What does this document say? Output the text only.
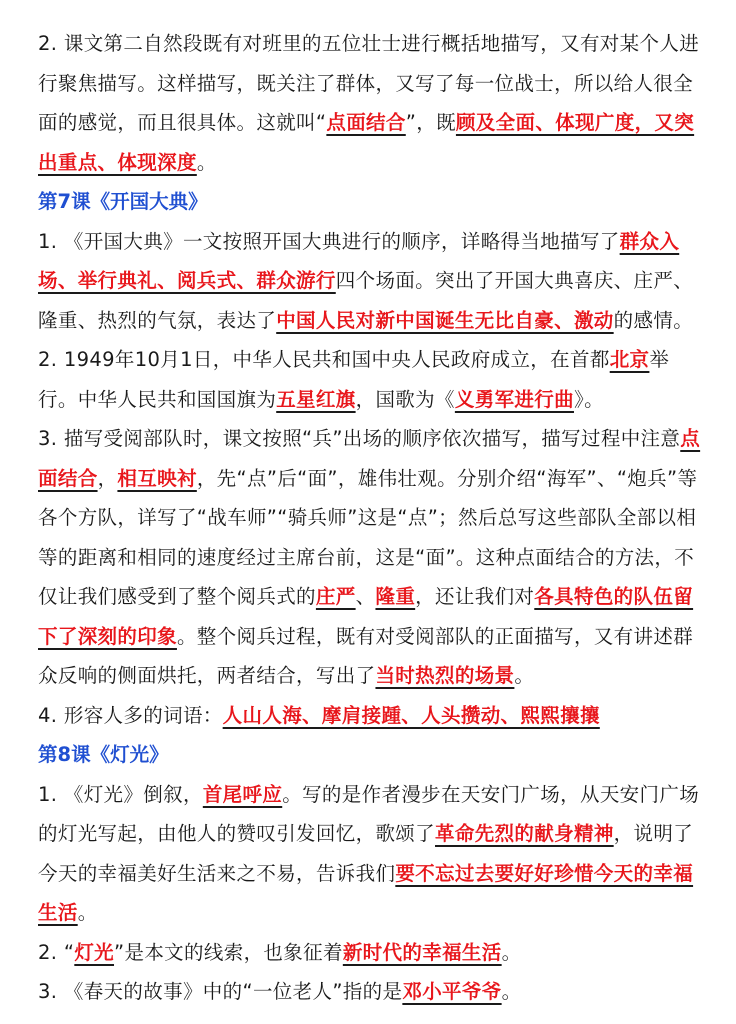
2. 课文第二自然段既有对班里的五位壮士进行概括地描写，又有对某个人进行聚焦描写。这样描写，既关注了群体，又写了每一位战士，所以给人很全面的感觉，而且很具体。这就叫“点面结合”，既顾及全面、体现广度，又突出重点、体现深度。

第7课《开国大典》

1. 《开国大典》一文按照开国大典进行的顺序，详略得当地描写了群众入场、举行典礼、阅兵式、群众游行四个场面。突出了开国大典喜庆、庄严、隆重、热烈的气氛，表达了中国人民对新中国诞生无比自豪、激动的感情。

2. 1949年10月1日，中华人民共和国中央人民政府成立，在首都北京举行。中华人民共和国国旗为五星红旗，国歌为《义勇军进行曲》。

3. 描写受阅部队时，课文按照“兵”出场的顺序依次描写，描写过程中注意点面结合，相互映衬，先“点”后“面”，雄伟壮观。分别介绍“海军”、“炮兵”等各个方队，详写了“战车师”“骑兵师”这是“点”；然后总写这些部队全部以相等的距离和相同的速度经过主席台前，这是“面”。这种点面结合的方法，不仅让我们感受到了整个阅兵式的庄严、隆重，还让我们对各具特色的队伍留下了深刻的印象。整个阅兵过程，既有对受阅部队的正面描写，又有讲述群众反响的侧面烘托，两者结合，写出了当时热烈的场景。

4. 形容人多的词语：人山人海、摩肩接踵、人头攒动、熙熙攘攘

第8课《灯光》

1. 《灯光》倒叙，首尾呼应。写的是作者漫步在天安门广场，从天安门广场的灯光写起，由他人的赞叹引发回忆，歌颂了革命先烈的献身精神，说明了今天的幸福美好生活来之不易，告诉我们要不忘过去要好好珍惜今天的幸福生活。

2. “灯光”是本文的线索，也象征着新时代的幸福生活。

3. 《春天的故事》中的“一位老人”指的是邓小平爷爷。
